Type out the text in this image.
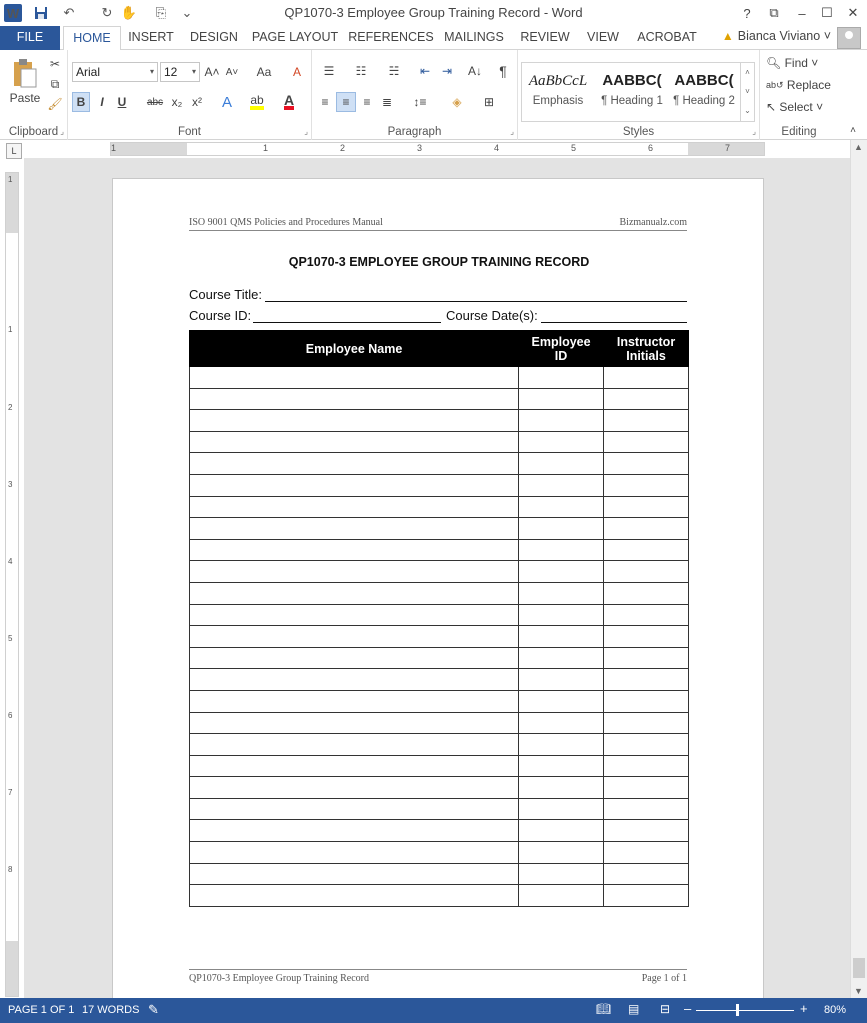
W	↶ ↻ ✋ ⎘ ⌄	QP1070-3 Employee Group Training Record - Word	?	⧉	–	☐	✕
FILE	HOME	INSERT	DESIGN	PAGE LAYOUT REFERENCES MAILINGS	REVIEW	VIEW	ACROBAT	▲ Bianca Viviano ˅
Paste
✂
⧉
🖌
Clipboard ⌟
Arial	▾ 12 ▾ A˄ A˅	Aa	A
B	I	U	abc x₂ x² A	ab A
Font	⌟
☰	☷	☵	⇤ ⇥	A↓	¶
≡	≡	≡ ≣	↕≡	◈	⊞
Paragraph	⌟
AaBbCcL
Emphasis
AABBC(
¶ Heading 1
AABBC(
¶ Heading 2
˄
˅
⌄
Styles	⌟
🔍︎
Find ˅
ab↺
Replace
↖
Select ˅
Editing	˄
L	1	1	2	3	4	5	6	7
1
1
2
3
4
5
6
7
8
ISO 9001 QMS Policies and Procedures Manual	Bizmanualz.com
QP1070-3 EMPLOYEE GROUP TRAINING RECORD
Course Title:
Course ID:	Course Date(s):
Employee Name	Employee ID	Instructor Initials

QP1070-3 Employee Group Training Record	Page 1 of 1
▲
▼
PAGE 1 OF 1 17 WORDS ✎	📖︎ ▤ ⊟ –	+ 80%
